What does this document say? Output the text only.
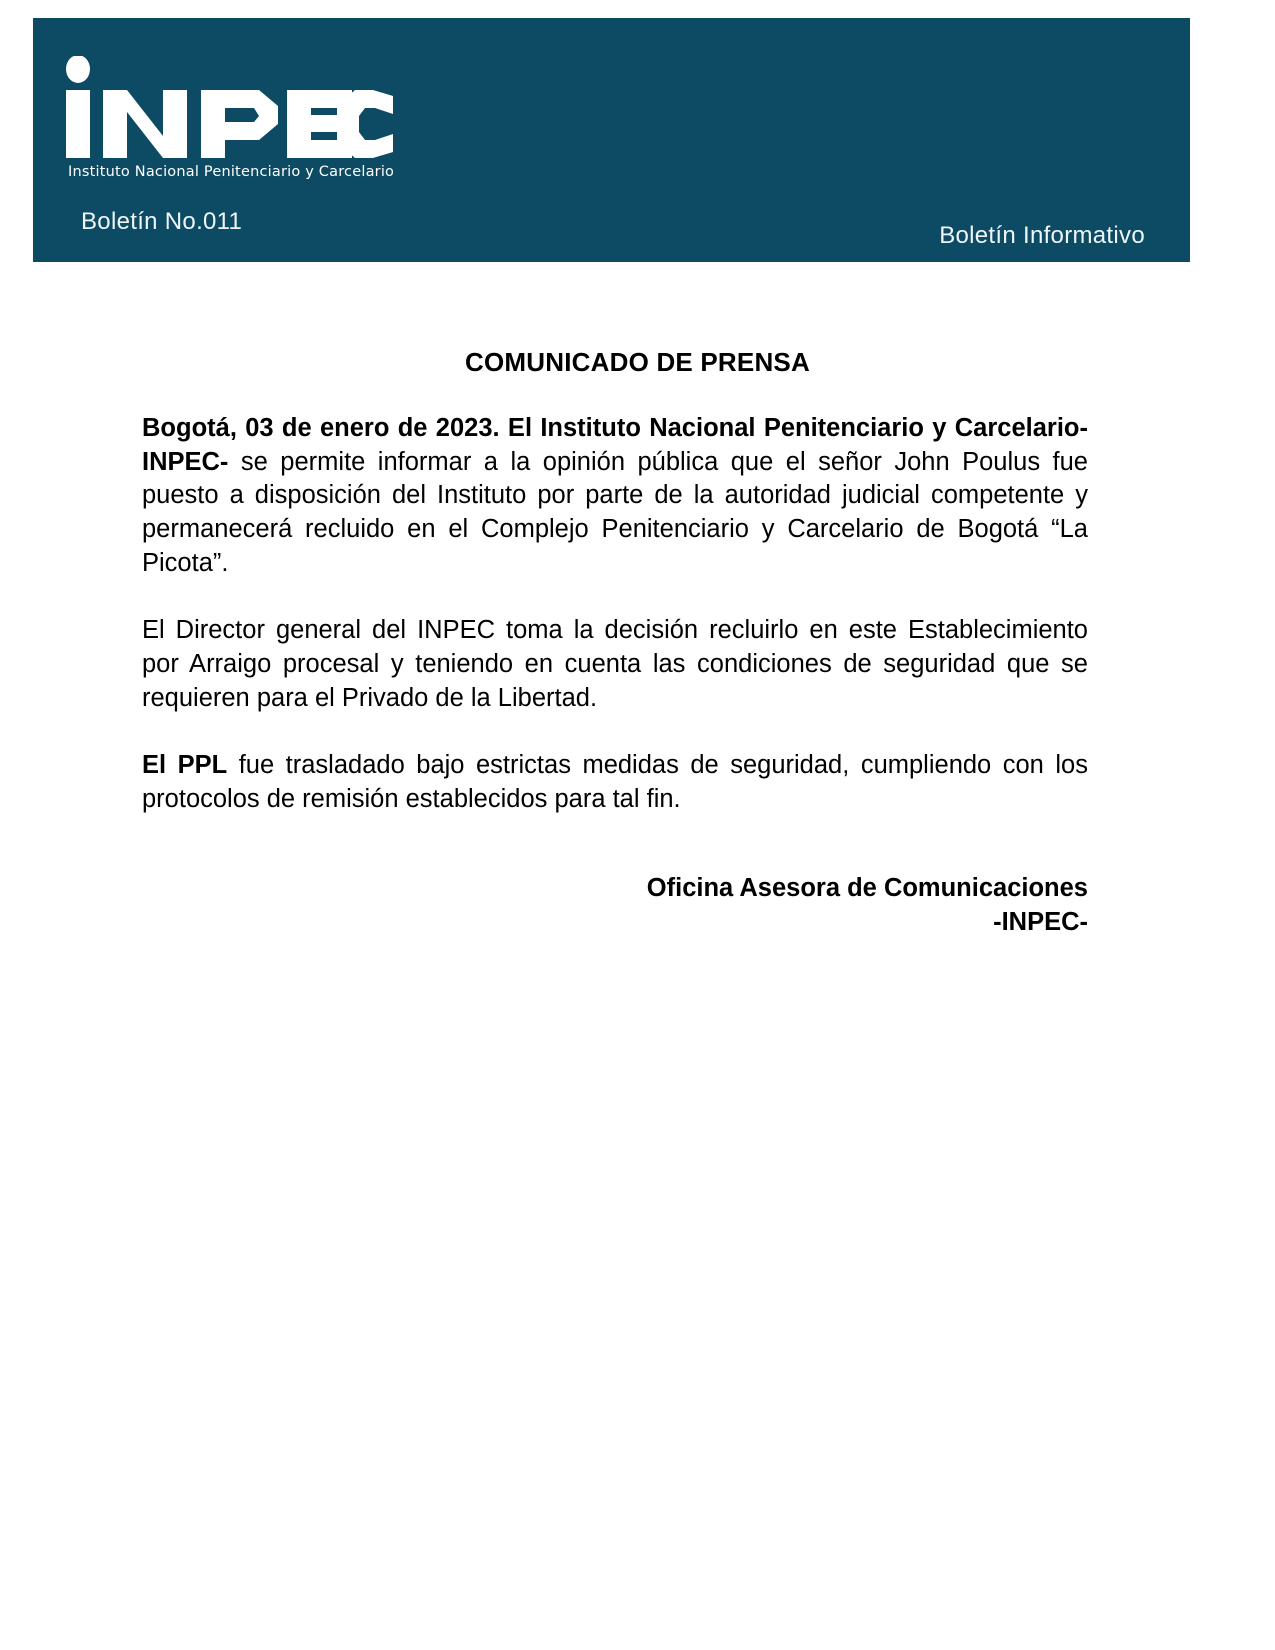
Instituto Nacional Penitenciario y Carcelario
Boletín No.011
Boletín Informativo
COMUNICADO DE PRENSA

Bogotá, 03 de enero de 2023. El Instituto Nacional Penitenciario y Carcelario- INPEC- se permite informar a la opinión pública que el señor John Poulus fue puesto a disposición del Instituto por parte de la autoridad judicial competente y permanecerá recluido en el Complejo Penitenciario y Carcelario de Bogotá “La Picota”.

El Director general del INPEC toma la decisión recluirlo en este Establecimiento por Arraigo procesal y teniendo en cuenta las condiciones de seguridad que se requieren para el Privado de la Libertad.

El PPL fue trasladado bajo estrictas medidas de seguridad, cumpliendo con los protocolos de remisión establecidos para tal fin.

Oficina Asesora de Comunicaciones
-INPEC-
